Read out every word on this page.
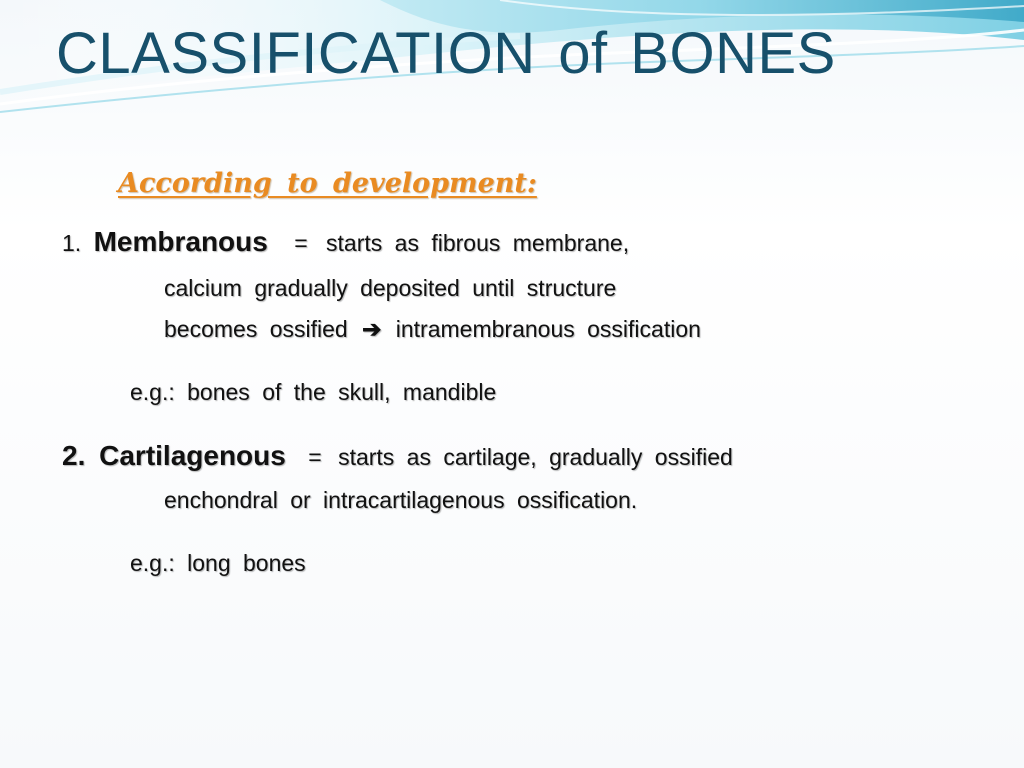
CLASSIFICATION of BONES
According to development:
1. Membranous = starts as fibrous membrane,
calcium gradually deposited until structure
becomes ossified ➔ intramembranous ossification
e.g.: bones of the skull, mandible
2. Cartilagenous = starts as cartilage, gradually ossified
enchondral or intracartilagenous ossification.
e.g.: long bones
